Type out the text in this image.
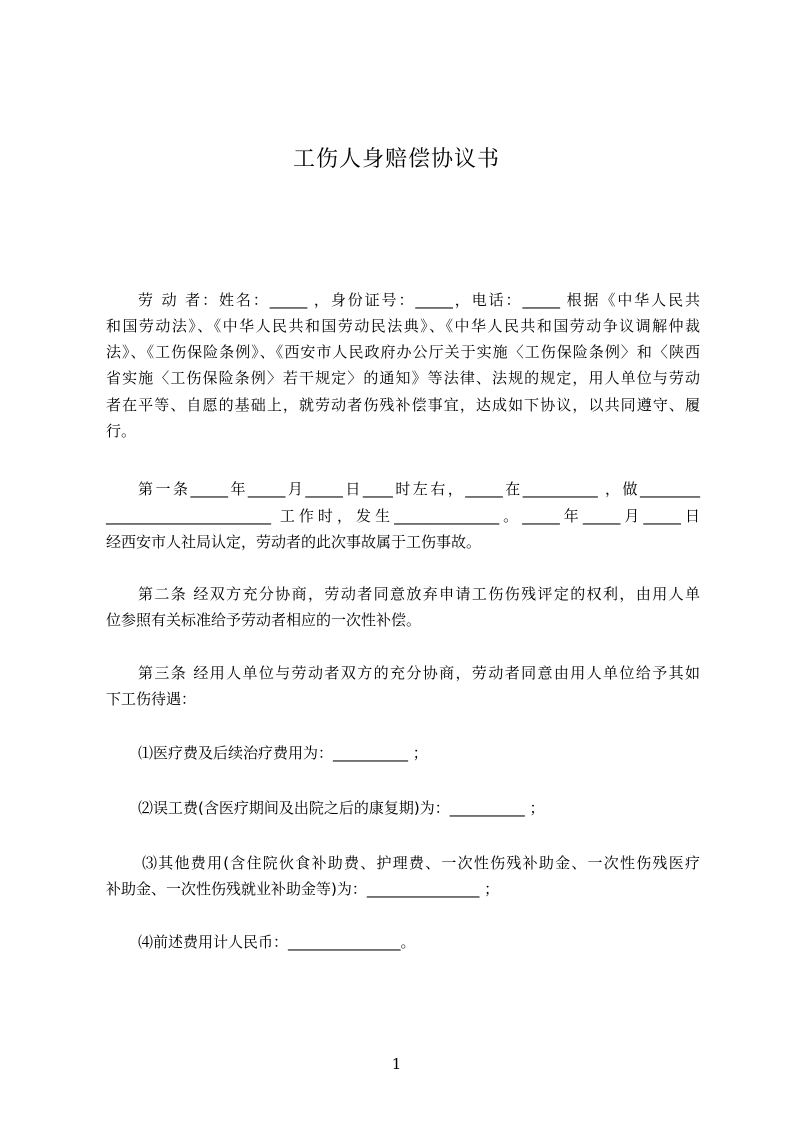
工伤人身赔偿协议书
劳 动 者：姓名：_____ ，身份证号：_____，电话：_____ 根据《中华人民共
和国劳动法》、《中华人民共和国劳动民法典》、《中华人民共和国劳动争议调解仲裁
法》、《工伤保险条例》、《西安市人民政府办公厅关于实施〈工伤保险条例〉和〈陕西
省实施〈工伤保险条例〉若干规定〉的通知》等法律、法规的规定，用人单位与劳动
者在平等、自愿的基础上，就劳动者伤残补偿事宜，达成如下协议，以共同遵守、履
行。
第一条_____年_____月_____日____时左右，_____在__________ ，做________
______________________ 工作时，发生______________。_____年_____月_____日
经西安市人社局认定，劳动者的此次事故属于工伤事故。
第二条 经双方充分协商，劳动者同意放弃申请工伤伤残评定的权利，由用人单
位参照有关标准给予劳动者相应的一次性补偿。
第三条 经用人单位与劳动者双方的充分协商，劳动者同意由用人单位给予其如
下工伤待遇：
⑴医疗费及后续治疗费用为：__________ ；
⑵误工费(含医疗期间及出院之后的康复期)为：__________ ；
⑶其他费用(含住院伙食补助费、护理费、一次性伤残补助金、一次性伤残医疗
补助金、一次性伤残就业补助金等)为：_______________ ；
⑷前述费用计人民币：_______________。
1
